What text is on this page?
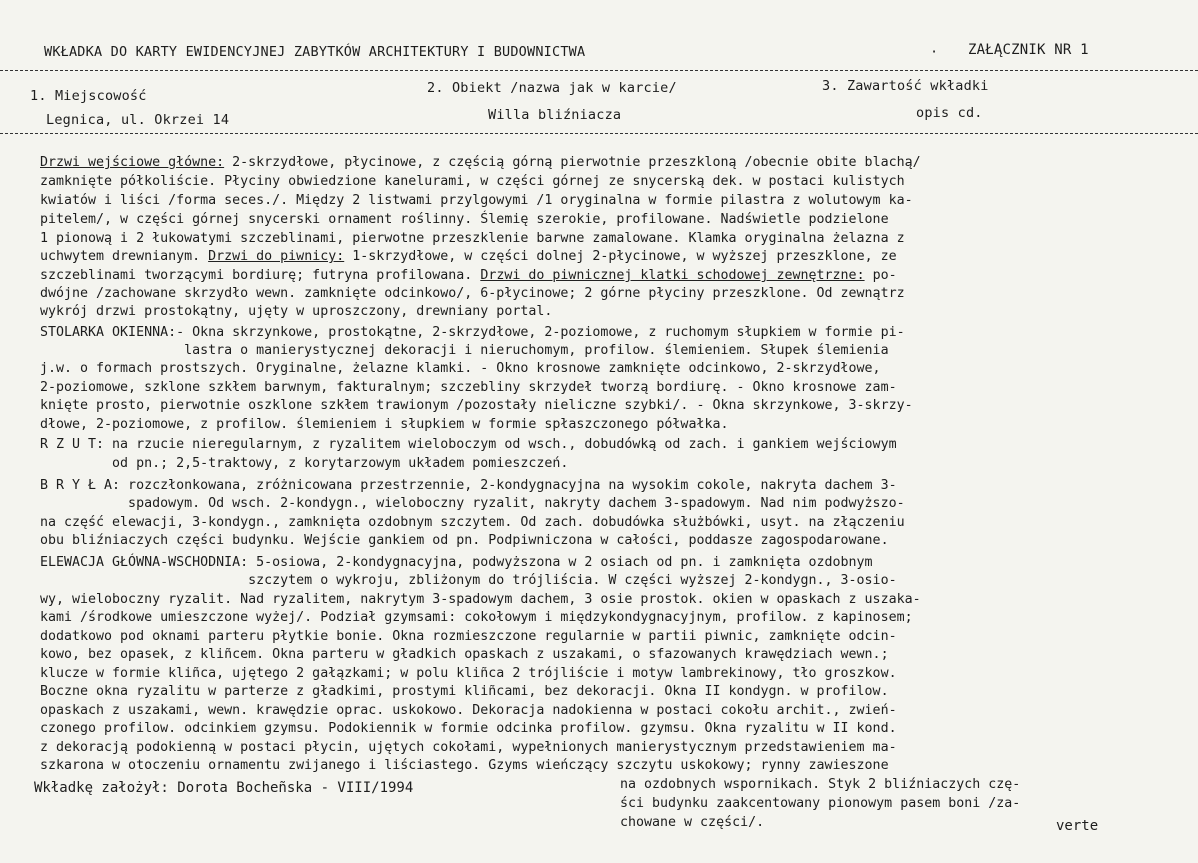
WKŁADKA DO KARTY EWIDENCYJNEJ ZABYTKÓW ARCHITEKTURY I BUDOWNICTWA	· ZAŁĄCZNIK NR 1
1. Miejscowość
Legnica, ul. Okrzei 14
2. Obiekt /nazwa jak w karcie/
Willa bliźniacza
3. Zawartość wkładki
opis cd.
Drzwi wejściowe główne: 2-skrzydłowe, płycinowe, z częścią górną pierwotnie przeszkloną /obecnie obite blachą/
zamknięte półkoliście. Płyciny obwiedzione kanelurami, w części górnej ze snycerską dek. w postaci kulistych
kwiatów i liści /forma seces./. Między 2 listwami przylgowymi /1 oryginalna w formie pilastra z wolutowym ka-
pitelem/, w części górnej snycerski ornament roślinny. Ślemię szerokie, profilowane. Nadświetle podzielone
1 pionową i 2 łukowatymi szczeblinami, pierwotne przeszklenie barwne zamalowane. Klamka oryginalna żelazna z
uchwytem drewnianym. Drzwi do piwnicy: 1-skrzydłowe, w części dolnej 2-płycinowe, w wyższej przeszklone, ze
szczeblinami tworzącymi bordiurę; futryna profilowana. Drzwi do piwnicznej klatki schodowej zewnętrzne: po-
dwójne /zachowane skrzydło wewn. zamknięte odcinkowo/, 6-płycinowe; 2 górne płyciny przeszklone. Od zewnątrz
wykrój drzwi prostokątny, ujęty w uproszczony, drewniany portal.
STOLARKA OKIENNA:- Okna skrzynkowe, prostokątne, 2-skrzydłowe, 2-poziomowe, z ruchomym słupkiem w formie pi-
lastra o manierystycznej dekoracji i nieruchomym, profilow. ślemieniem. Słupek ślemienia
j.w. o formach prostszych. Oryginalne, żelazne klamki. - Okno krosnowe zamknięte odcinkowo, 2-skrzydłowe,
2-poziomowe, szklone szkłem barwnym, fakturalnym; szczebliny skrzydeł tworzą bordiurę. - Okno krosnowe zam-
knięte prosto, pierwotnie oszklone szkłem trawionym /pozostały nieliczne szybki/. - Okna skrzynkowe, 3-skrzy-
dłowe, 2-poziomowe, z profilow. ślemieniem i słupkiem w formie spłaszczonego półwałka.
R Z U T: na rzucie nieregularnym, z ryzalitem wieloboczym od wsch., dobudówką od zach. i gankiem wejściowym
od pn.; 2,5-traktowy, z korytarzowym układem pomieszczeń.
B R Y Ł A: rozczłonkowana, zróżnicowana przestrzennie, 2-kondygnacyjna na wysokim cokole, nakryta dachem 3-
spadowym. Od wsch. 2-kondygn., wieloboczny ryzalit, nakryty dachem 3-spadowym. Nad nim podwyższo-
na część elewacji, 3-kondygn., zamknięta ozdobnym szczytem. Od zach. dobudówka służbówki, usyt. na złączeniu
obu bliźniaczych części budynku. Wejście gankiem od pn. Podpiwniczona w całości, poddasze zagospodarowane.
ELEWACJA GŁÓWNA-WSCHODNIA: 5-osiowa, 2-kondygnacyjna, podwyższona w 2 osiach od pn. i zamknięta ozdobnym
szczytem o wykroju, zbliżonym do trójliścia. W części wyższej 2-kondygn., 3-osio-
wy, wieloboczny ryzalit. Nad ryzalitem, nakrytym 3-spadowym dachem, 3 osie prostok. okien w opaskach z uszaka-
kami /środkowe umieszczone wyżej/. Podział gzymsami: cokołowym i międzykondygnacyjnym, profilow. z kapinosem;
dodatkowo pod oknami parteru płytkie bonie. Okna rozmieszczone regularnie w partii piwnic, zamknięte odcin-
kowo, bez opasek, z kliñcem. Okna parteru w gładkich opaskach z uszakami, o sfazowanych krawędziach wewn.;
klucze w formie kliñca, ujętego 2 gałązkami; w polu kliñca 2 trójliście i motyw lambrekinowy, tło groszkow.
Boczne okna ryzalitu w parterze z gładkimi, prostymi kliñcami, bez dekoracji. Okna II kondygn. w profilow.
opaskach z uszakami, wewn. krawędzie oprac. uskokowo. Dekoracja nadokienna w postaci cokołu archit., zwień-
czonego profilow. odcinkiem gzymsu. Podokiennik w formie odcinka profilow. gzymsu. Okna ryzalitu w II kond.
z dekoracją podokienną w postaci płycin, ujętych cokołami, wypełnionych manierystycznym przedstawieniem ma-
szkarona w otoczeniu ornamentu zwijanego i liściastego. Gzyms wieńczący szczytu uskokowy; rynny zawieszone
na ozdobnych wspornikach. Styk 2 bliźniaczych czę-
ści budynku zaakcentowany pionowym pasem boni /za-
chowane w części/.
Wkładkę założył: Dorota Bocheñska - VIII/1994
verte
